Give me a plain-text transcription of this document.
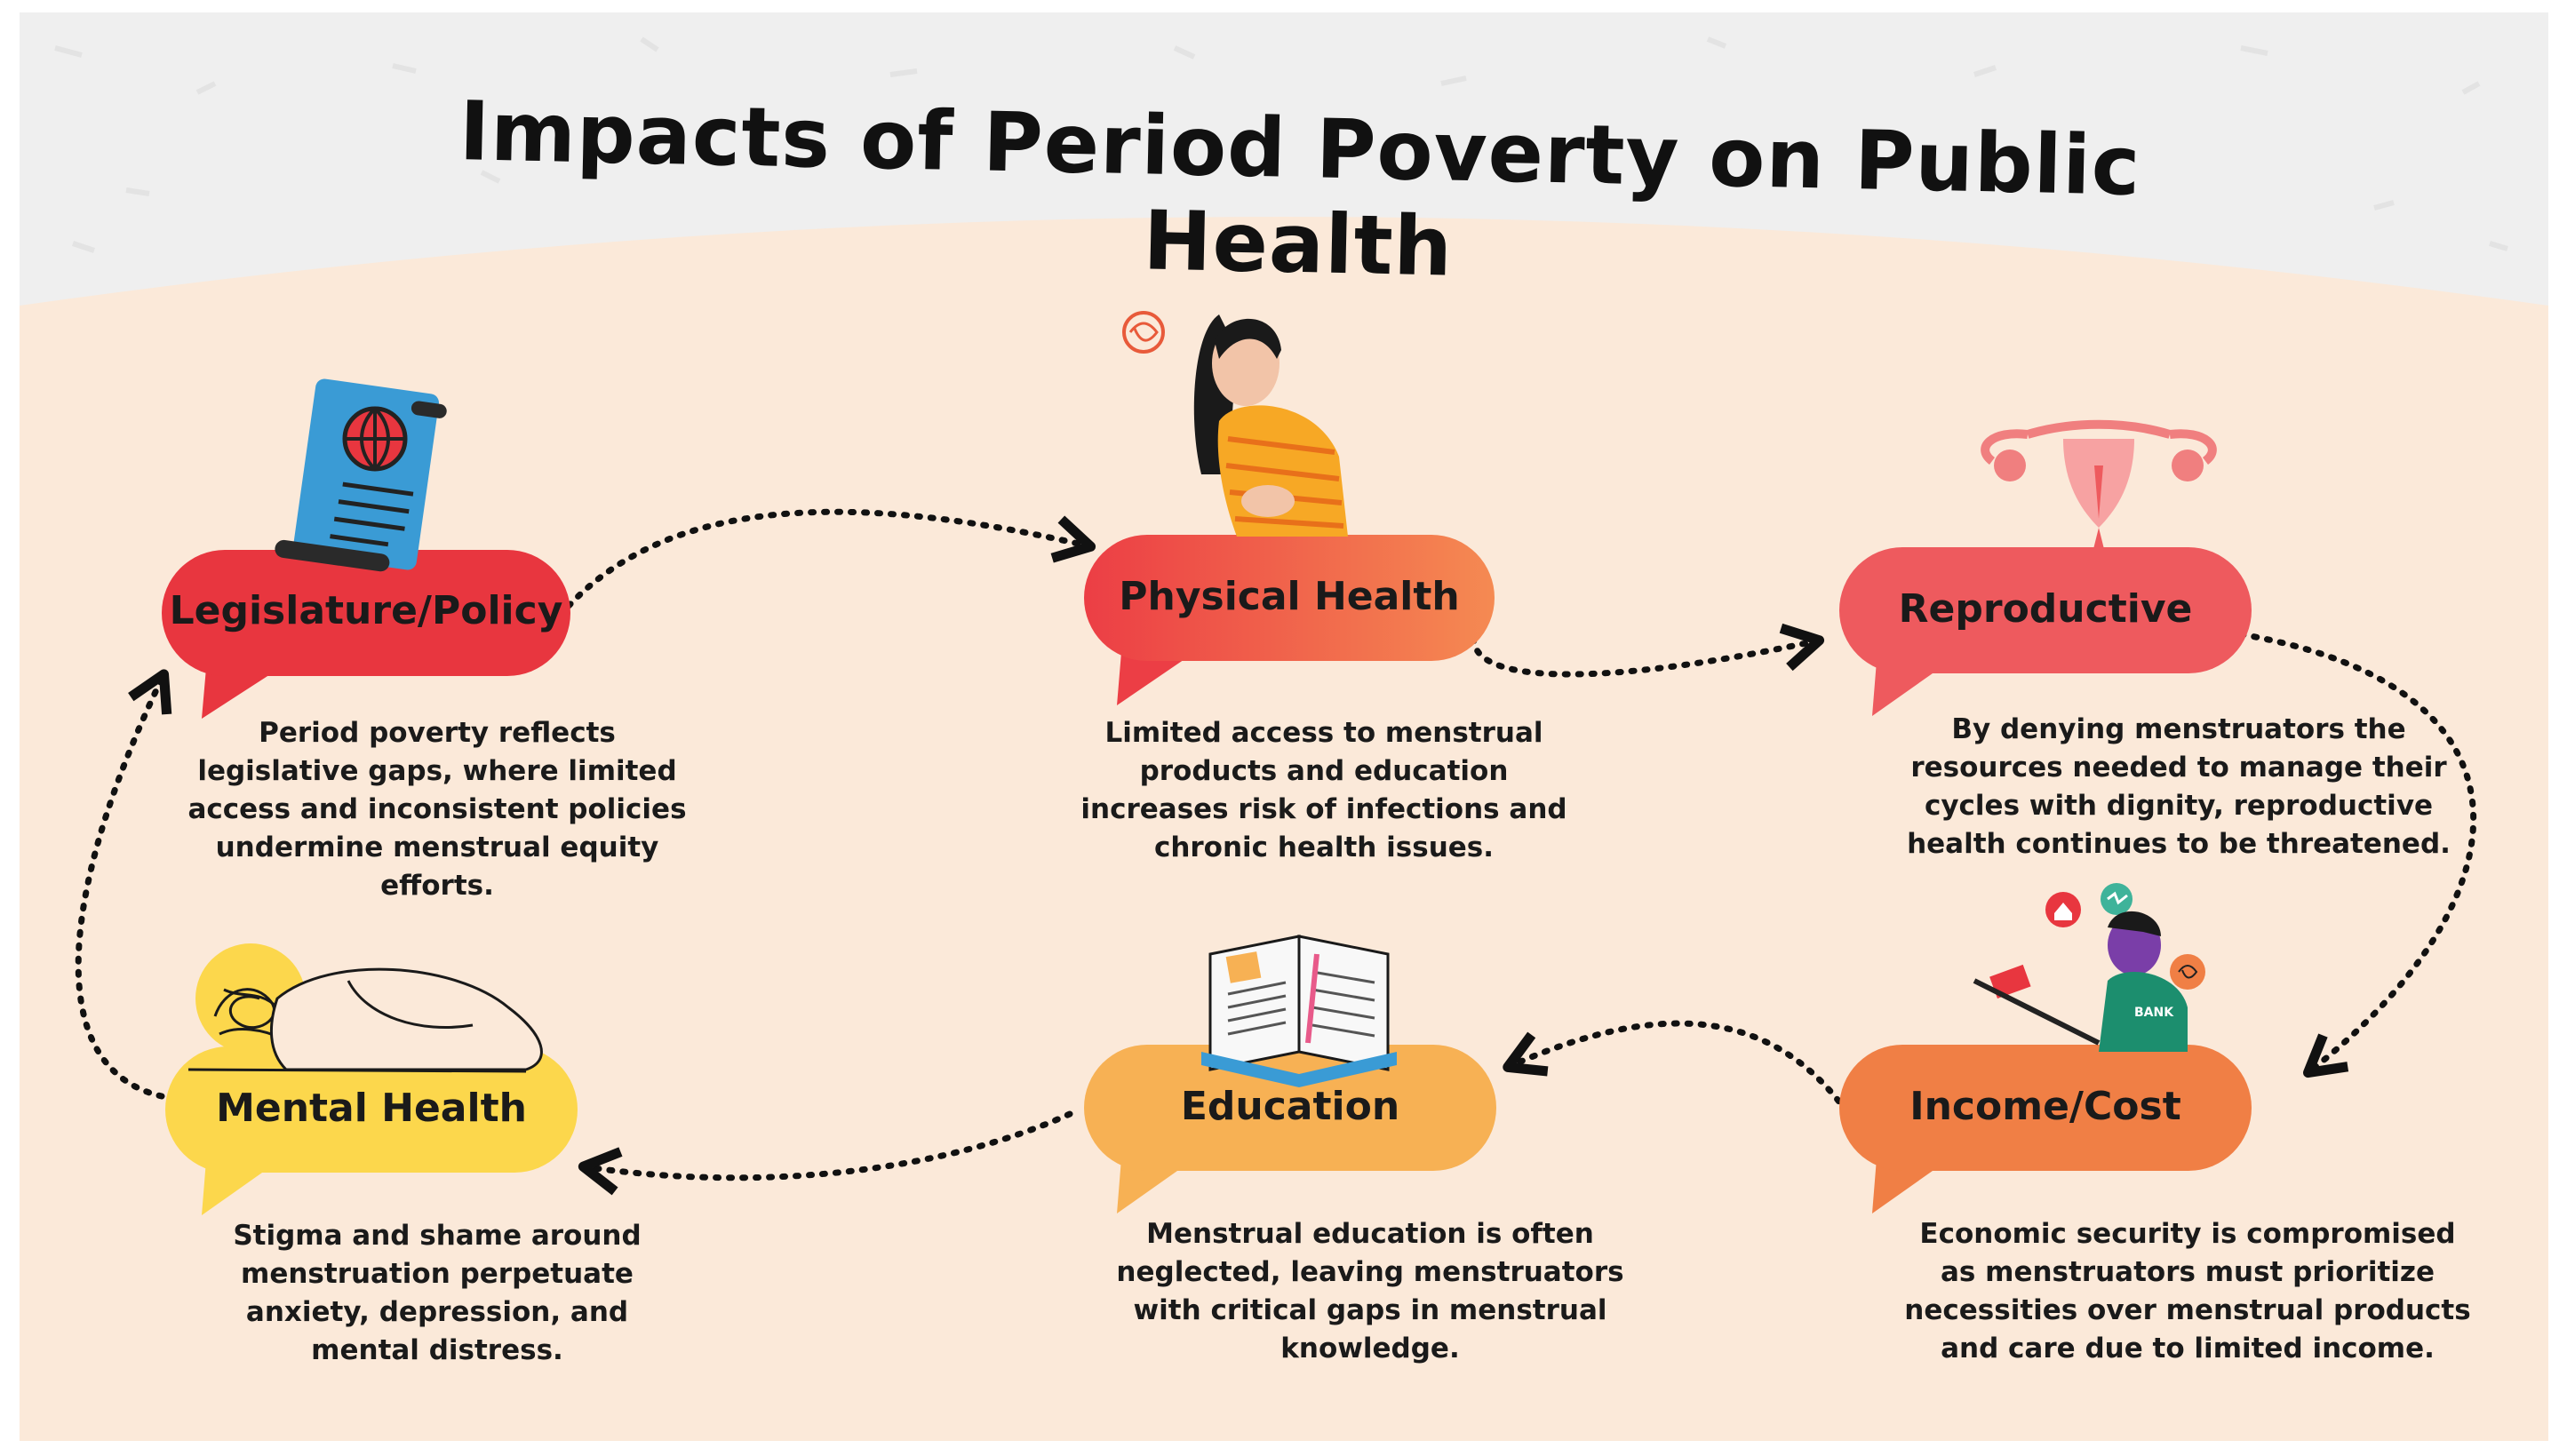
BANK
Impacts of Period Poverty on Public Health
Legislature/Policy	Physical Health	Reproductive
Income/Cost
Education
Mental Health
Period poverty reflects
legislative gaps, where limited
access and inconsistent policies
undermine menstrual equity
efforts.
Limited access to menstrual
products and education
increases risk of infections and
chronic health issues.
By denying menstruators the
resources needed to manage their
cycles with dignity, reproductive
health continues to be threatened.
Economic security is compromised
as menstruators must prioritize
necessities over menstrual products
and care due to limited income.
Menstrual education is often
neglected, leaving menstruators
with critical gaps in menstrual
knowledge.
Stigma and shame around
menstruation perpetuate
anxiety, depression, and
mental distress.
